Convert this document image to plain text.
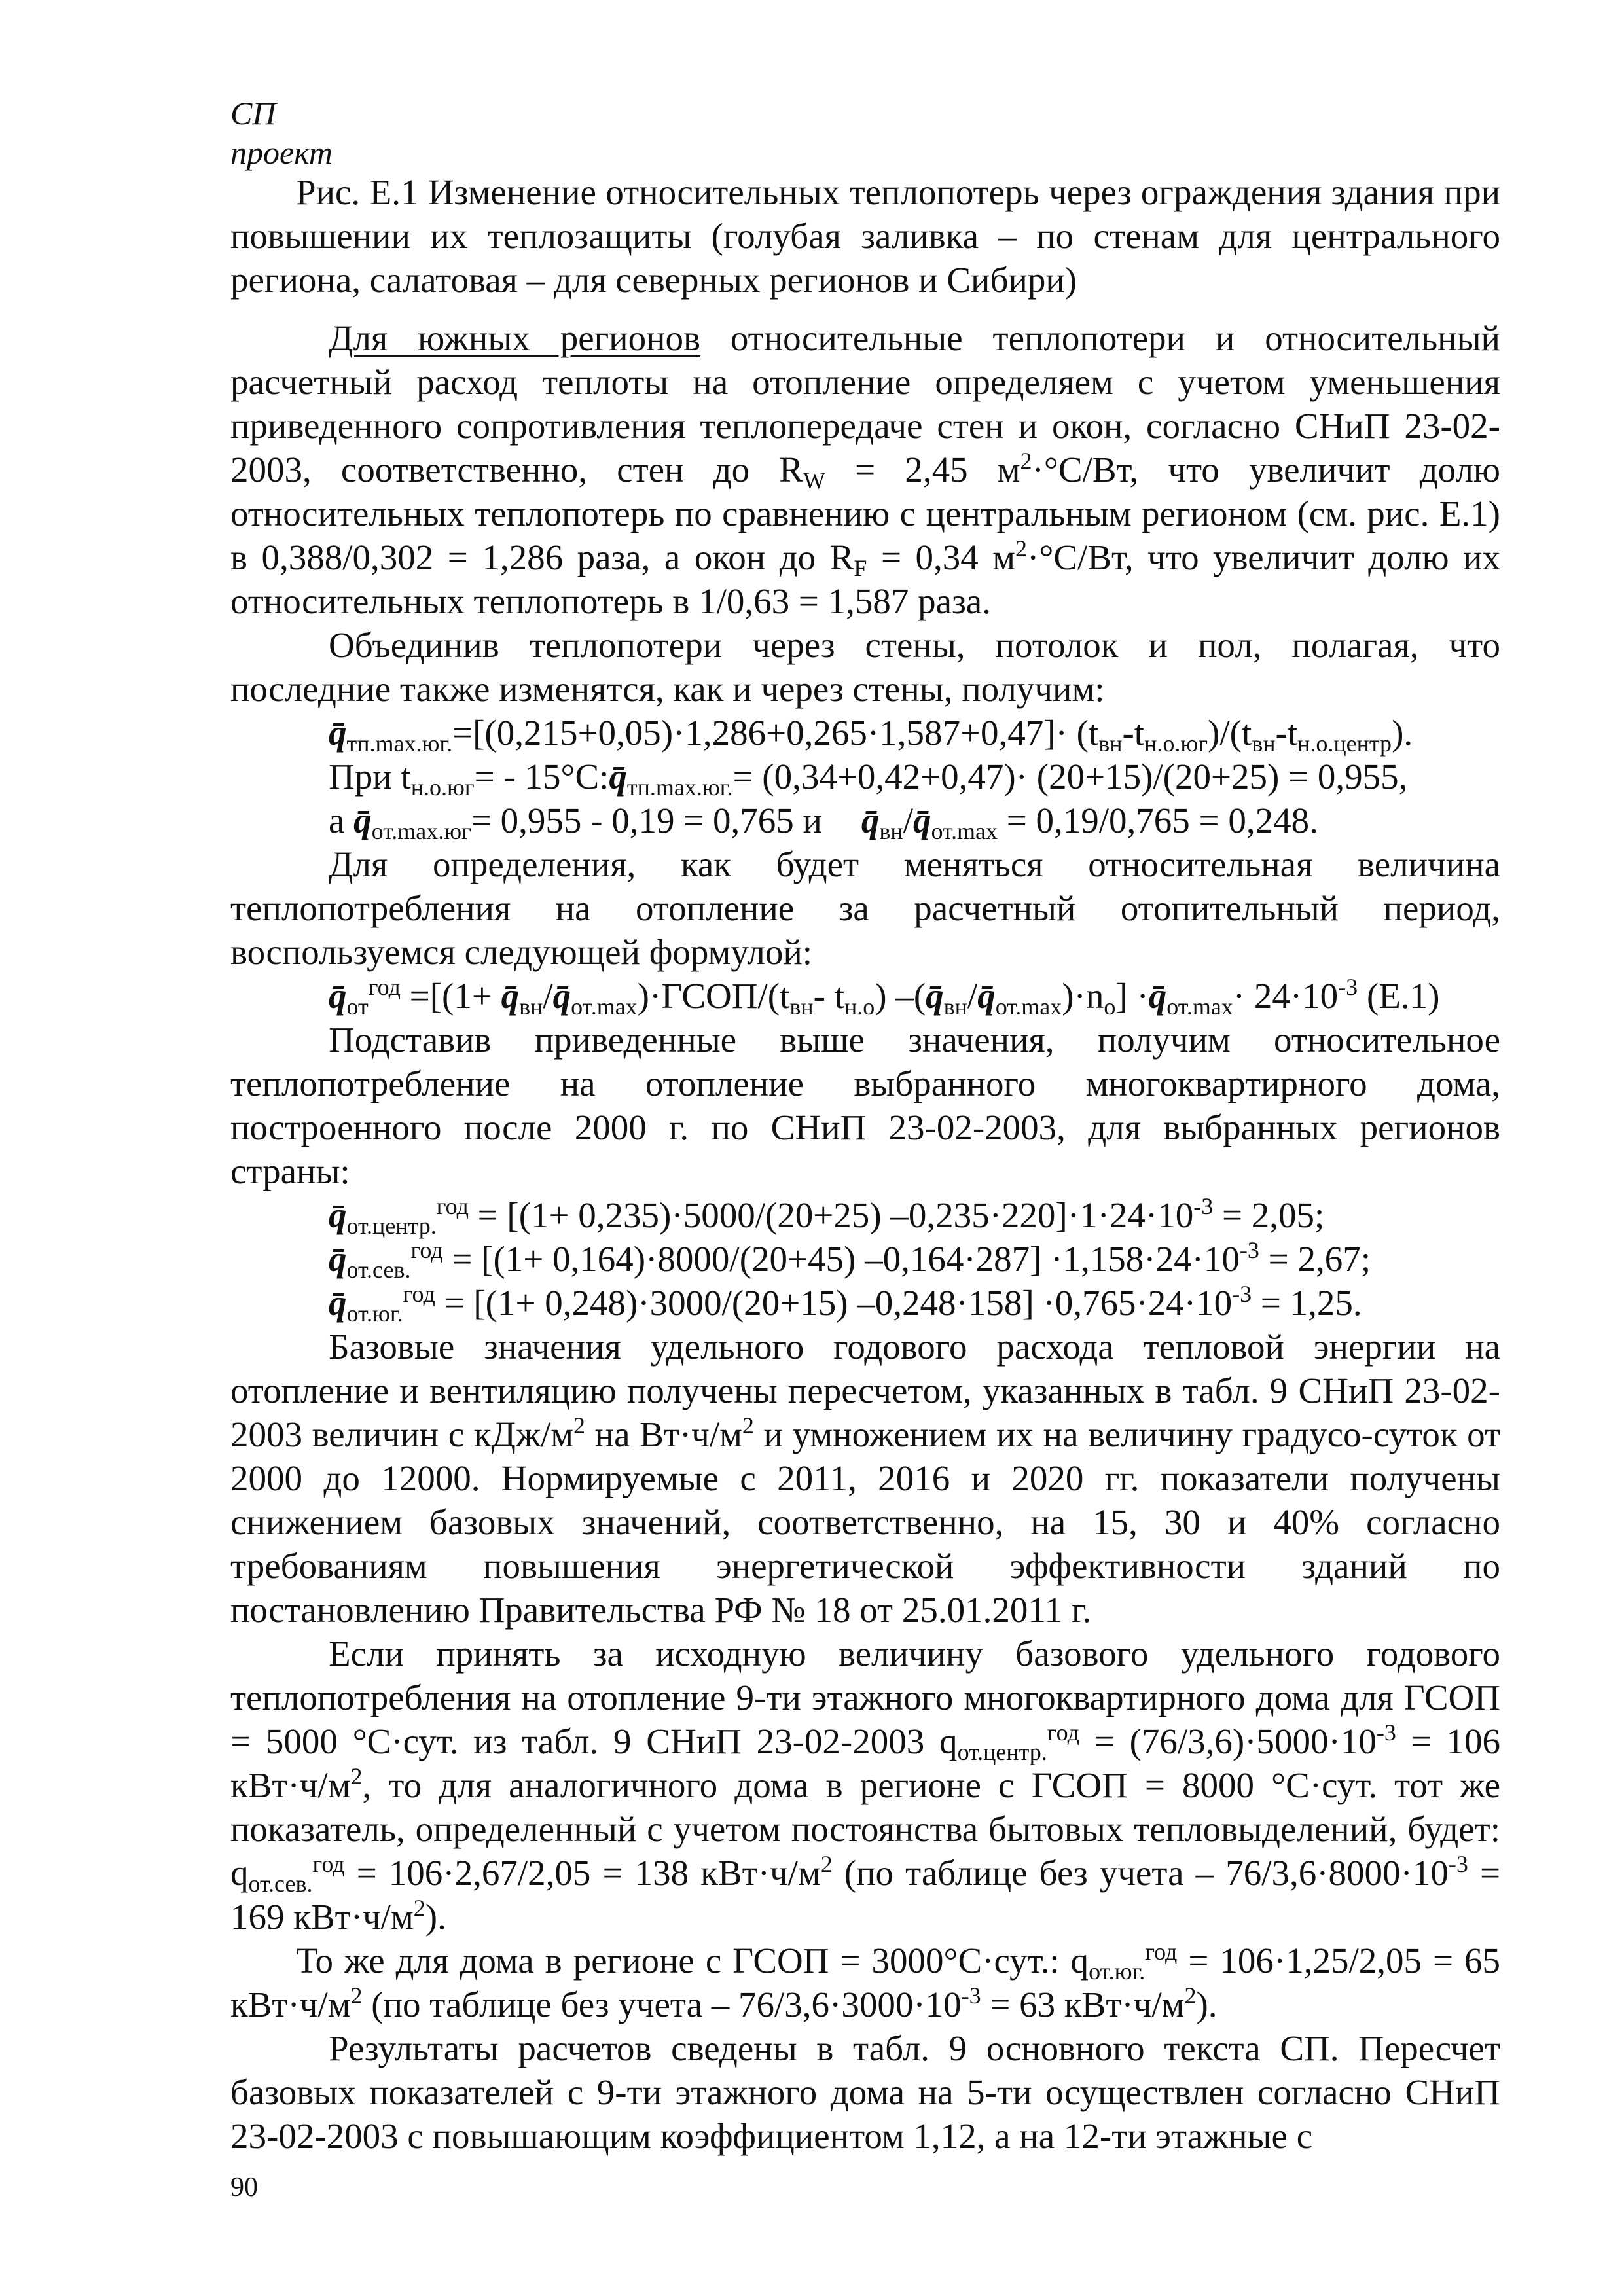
СП
проект

Рис. Е.1 Изменение относительных теплопотерь через ограждения здания при повышении их теплозащиты (голубая заливка – по стенам для центрального региона, салатовая – для северных регионов и Сибири)

Для южных регионов относительные теплопотери и относительный расчетный расход теплоты на отопление определяем с учетом уменьшения приведенного сопротивления теплопередаче стен и окон, согласно СНиП 23-02-2003, соответственно, стен до $R_W = 2,45$ $м^2\cdot^\circ С/Вт$, что увеличит долю относительных теплопотерь по сравнению с центральным регионом (см. рис. Е.1) в 0,388/0,302 = 1,286 раза, а окон до $R_F = 0,34$ $м^2\cdot^\circ С/Вт$, что увеличит долю их относительных теплопотерь в 1/0,63 = 1,587 раза.

Объединив теплопотери через стены, потолок и пол, полагая, что последние также изменятся, как и через стены, получим:

$q̄_{тп.max.юг.}=[(0,215+0,05)\cdot 1,286+0,265\cdot 1,587+0,47]\cdot (t_{вн}-t_{н.о.юг})/(t_{вн}-t_{н.о.центр})$.
При $t_{н.о.юг}=$ - $15^\circ С:q̄_{тп.max.юг.}= (0,34+0,42+0,47)\cdot (20+15)/(20+25) = 0,955$,
а $q̄_{от.max.юг}= 0,955 - 0,19 = 0,765$ и $q̄_{вн}/q̄_{от.max} = 0,19/0,765 = 0,248$.

Для определения, как будет меняться относительная величина теплопотребления на отопление за расчетный отопительный период, воспользуемся следующей формулой:

$q̄_{от}^{год} =[(1+$ $q̄_{вн}/q̄_{от.max})\cdot ГСОП/(t_{вн}-$ $t_{н.о}$) $-(q̄_{вн}/q̄_{от.max})\cdot n_o$] $\cdot q̄_{от.max}\cdot 24\cdot 10^{-3}$ (Е.1)

Подставив приведенные выше значения, получим относительное теплопотребление на отопление выбранного многоквартирного дома, построенного после 2000 г. по СНиП 23-02-2003, для выбранных регионов страны:

$q̄_{от.центр.}^{год} = [(1+ 0,235)\cdot 5000/(20+25) -0,235\cdot 220]\cdot 1\cdot 24\cdot 10^{-3} = 2,05$;
$q̄_{от.сев.}^{год} = [(1+ 0,164)\cdot 8000/(20+45)$ $-0,164\cdot 287] \cdot 1,158\cdot 24\cdot 10^{-3} = 2,67$;
$q̄_{от.юг.}^{год} = [(1+ 0,248)\cdot 3000/(20+15)$ $-0,248\cdot 158] \cdot 0,765\cdot 24\cdot 10^{-3} = 1,25$.

Базовые значения удельного годового расхода тепловой энергии на отопление и вентиляцию получены пересчетом, указанных в табл. 9 СНиП 23-02-2003 величин с кДж/$м^2$ на $Вт\cdot ч/м^2$ и умножением их на величину градусо-суток от 2000 до 12000. Нормируемые с 2011, 2016 и 2020 гг. показатели получены снижением базовых значений, соответственно, на 15, 30 и 40% согласно требованиям повышения энергетической эффективности зданий по постановлению Правительства РФ № 18 от 25.01.2011 г.

Если принять за исходную величину базового удельного годового теплопотребления на отопление 9-ти этажного многоквартирного дома для ГСОП = 5000 °С·сут. из табл. 9 СНиП 23-02-2003 $q_{от.центр.}^{год} = (76/3,6)\cdot 5000\cdot 10^{-3} = 106$ $кВт\cdot ч/м^2$, то для аналогичного дома в регионе с ГСОП = 8000 °С·сут. тот же показатель, определенный с учетом постоянства бытовых тепловыделений, будет: $q_{от.сев.}^{год} = 106\cdot 2,67/2,05 = 138$ $кВт\cdot ч/м^2$ (по таблице без учета – $76/3,6\cdot 8000\cdot 10^{-3} = 169$ $кВт\cdot ч/м^2$).

То же для дома в регионе с ГСОП = 3000°С·сут.: $q_{от.юг.}^{год} = 106\cdot 1,25/2,05 = 65$ $кВт\cdot ч/м^2$ (по таблице без учета – $76/3,6\cdot 3000\cdot 10^{-3} = 63$ $кВт\cdot ч/м^2$).

Результаты расчетов сведены в табл. 9 основного текста СП. Пересчет базовых показателей с 9-ти этажного дома на 5-ти осуществлен согласно СНиП 23-02-2003 с повышающим коэффициентом 1,12, а на 12-ти этажные с

90
